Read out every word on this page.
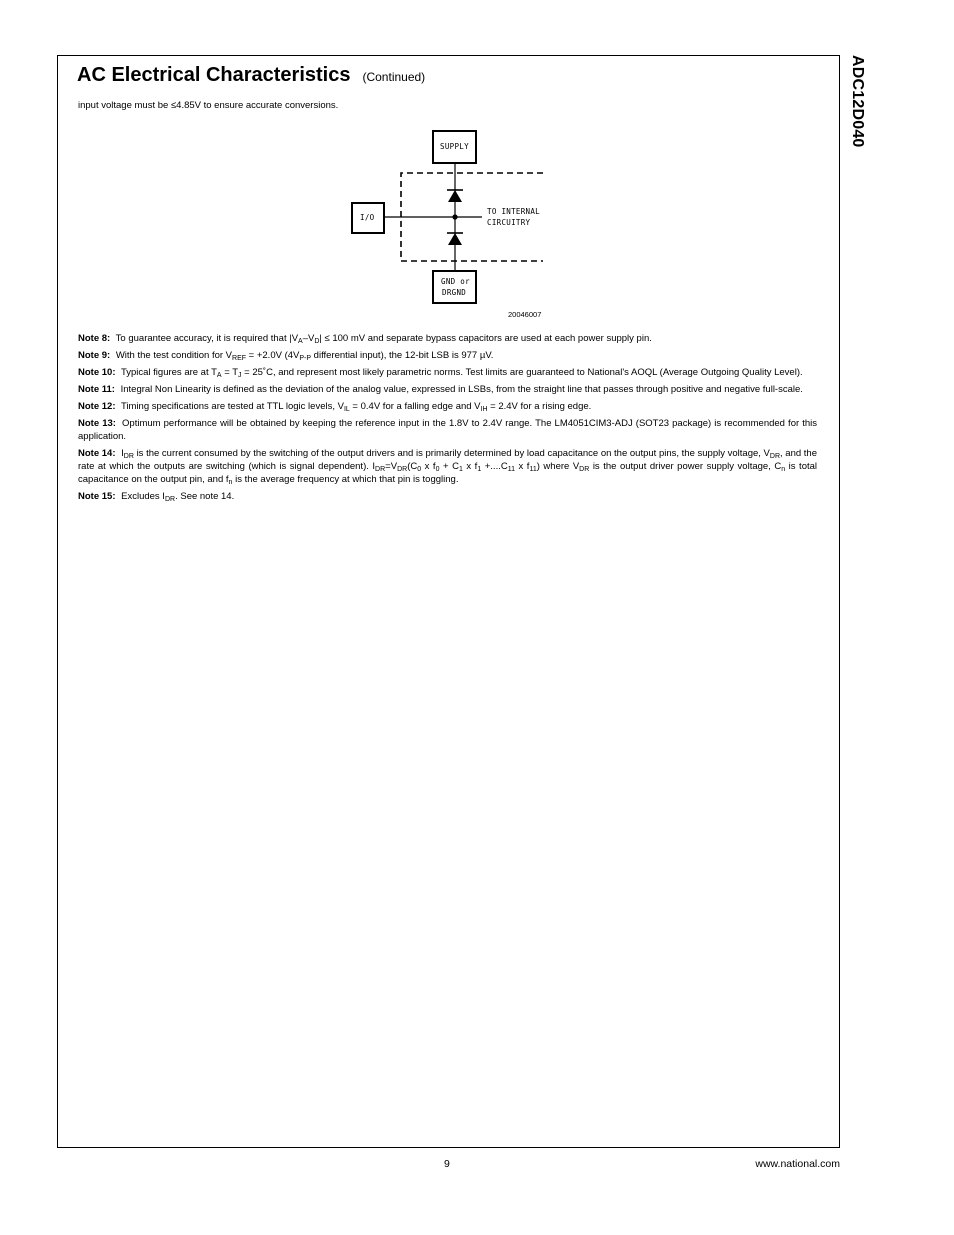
ADC12D040
AC Electrical Characteristics (Continued)
input voltage must be ≤4.85V to ensure accurate conversions.
SUPPLY
I/O
TO INTERNAL
CIRCUITRY
GND or
DRGND
20046007
Note 8: To guarantee accuracy, it is required that $|V_A-V_D| \le 100$ mV and separate bypass capacitors are used at each power supply pin.
Note 9: With the test condition for $V_{REF} = +2.0V$ ($4V_{P-P}$ differential input), the 12-bit LSB is 977 µV.
Note 10: Typical figures are at $T_A = T_J$ = 25˚C, and represent most likely parametric norms. Test limits are guaranteed to National's AOQL (Average Outgoing Quality Level).
Note 11: Integral Non Linearity is defined as the deviation of the analog value, expressed in LSBs, from the straight line that passes through positive and negative full-scale.
Note 12: Timing specifications are tested at TTL logic levels, $V_{IL} = 0.4V$ for a falling edge and $V_{IH} = 2.4V$ for a rising edge.
Note 13: Optimum performance will be obtained by keeping the reference input in the 1.8V to 2.4V range. The LM4051CIM3-ADJ (SOT23 package) is recommended for this application.
Note 14: $I_{DR}$ is the current consumed by the switching of the output drivers and is primarily determined by load capacitance on the output pins, the supply voltage, $V_{DR}$, and the rate at which the outputs are switching (which is signal dependent). $I_{DR}=V_{DR}(C_0$ x $f_0 + C_1$ x $f_1 +....C_{11}$ x $f_{11}$) where $V_{DR}$ is the output driver power supply voltage, $C_n$ is total capacitance on the output pin, and $f_n$ is the average frequency at which that pin is toggling.
Note 15: Excludes $I_{DR}$. See note 14.
9	www.national.com
